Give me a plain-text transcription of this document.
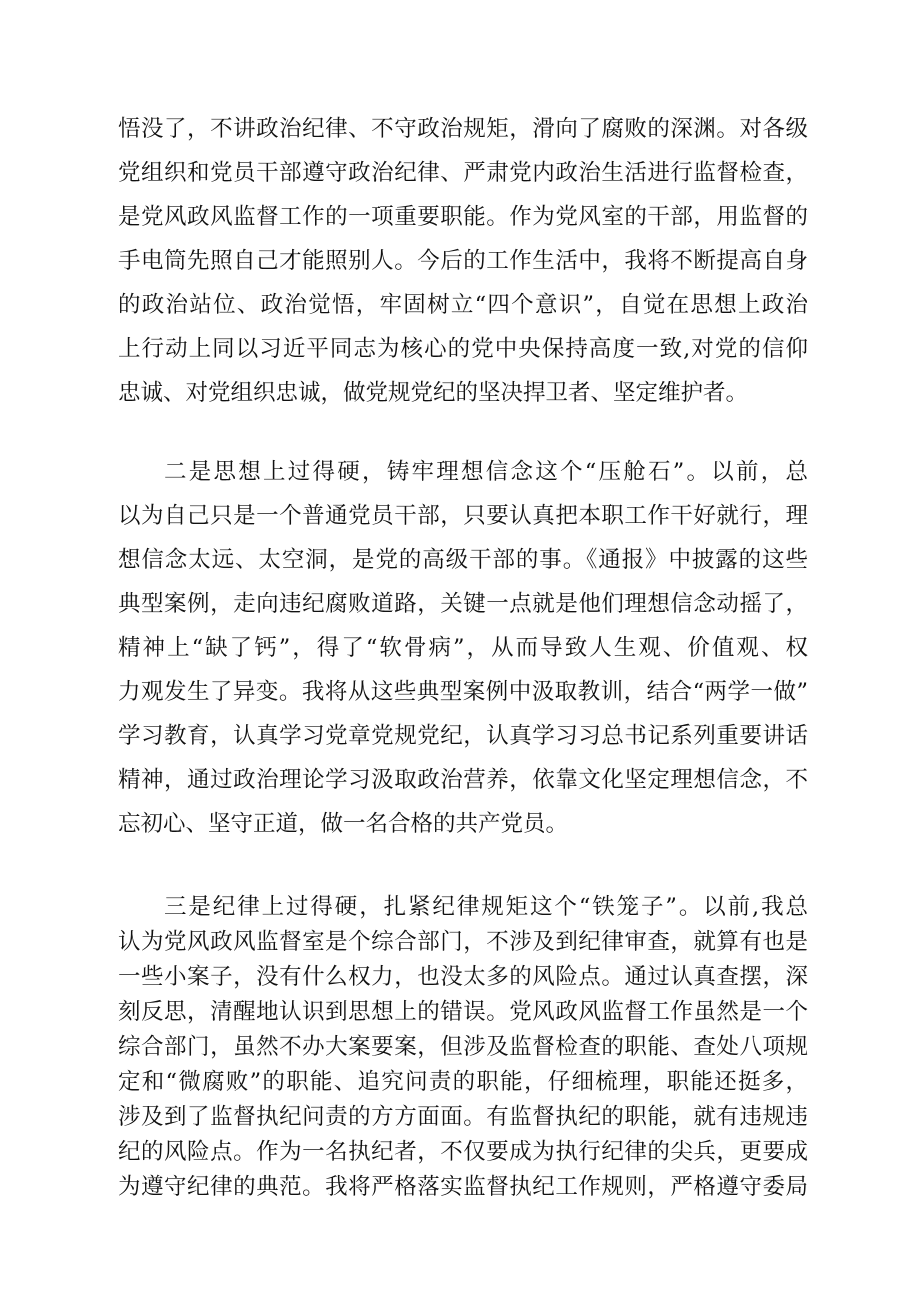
悟没了，不讲政治纪律、不守政治规矩，滑向了腐败的深渊。对各级
党组织和党员干部遵守政治纪律、严肃党内政治生活进行监督检查，
是党风政风监督工作的一项重要职能。作为党风室的干部，用监督的
手电筒先照自己才能照别人。今后的工作生活中，我将不断提高自身
的政治站位、政治觉悟，牢固树立“四个意识”，自觉在思想上政治
上行动上同以习近平同志为核心的党中央保持高度一致,对党的信仰
忠诚、对党组织忠诚，做党规党纪的坚决捍卫者、坚定维护者。
二是思想上过得硬，铸牢理想信念这个“压舱石”。以前，总
以为自己只是一个普通党员干部，只要认真把本职工作干好就行，理
想信念太远、太空洞，是党的高级干部的事。《通报》中披露的这些
典型案例，走向违纪腐败道路，关键一点就是他们理想信念动摇了，
精神上“缺了钙”，得了“软骨病”，从而导致人生观、价值观、权
力观发生了异变。我将从这些典型案例中汲取教训，结合“两学一做”
学习教育，认真学习党章党规党纪，认真学习习总书记系列重要讲话
精神，通过政治理论学习汲取政治营养，依靠文化坚定理想信念，不
忘初心、坚守正道，做一名合格的共产党员。
三是纪律上过得硬，扎紧纪律规矩这个“铁笼子”。以前,我总
认为党风政风监督室是个综合部门，不涉及到纪律审查，就算有也是
一些小案子，没有什么权力，也没太多的风险点。通过认真查摆，深
刻反思，清醒地认识到思想上的错误。党风政风监督工作虽然是一个
综合部门，虽然不办大案要案，但涉及监督检查的职能、查处八项规
定和“微腐败”的职能、追究问责的职能，仔细梳理，职能还挺多，
涉及到了监督执纪问责的方方面面。有监督执纪的职能，就有违规违
纪的风险点。作为一名执纪者，不仅要成为执行纪律的尖兵，更要成
为遵守纪律的典范。我将严格落实监督执纪工作规则，严格遵守委局
